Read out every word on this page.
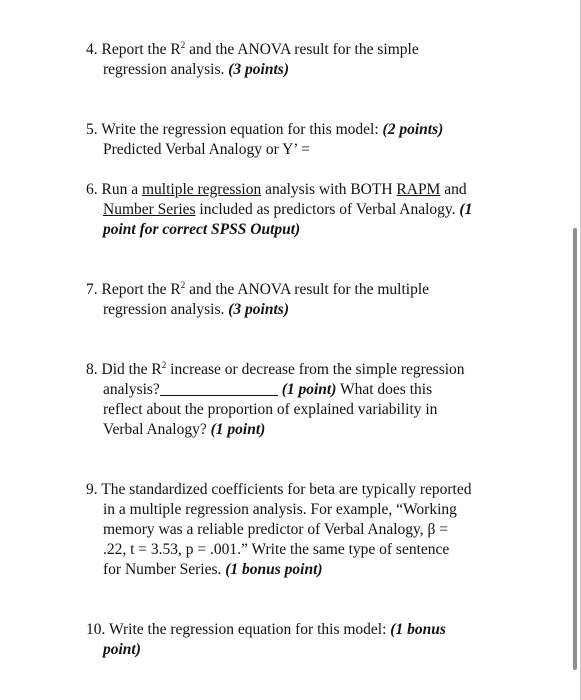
4. Report the $R^2$ and the ANOVA result for the simple
regression analysis. (3 points)
5. Write the regression equation for this model: (2 points)
Predicted Verbal Analogy or Y’ =
6. Run a multiple regression analysis with BOTH RAPM and
Number Series included as predictors of Verbal Analogy. (1
point for correct SPSS Output)
7. Report the $R^2$ and the ANOVA result for the multiple
regression analysis. (3 points)
8. Did the $R^2$ increase or decrease from the simple regression
analysis?	(1 point) What does this
reflect about the proportion of explained variability in
Verbal Analogy? (1 point)
9. The standardized coefficients for beta are typically reported
in a multiple regression analysis. For example, “Working
memory was a reliable predictor of Verbal Analogy, β =
.22, t = 3.53, p = .001.” Write the same type of sentence
for Number Series. (1 bonus point)
10. Write the regression equation for this model: (1 bonus
point)
